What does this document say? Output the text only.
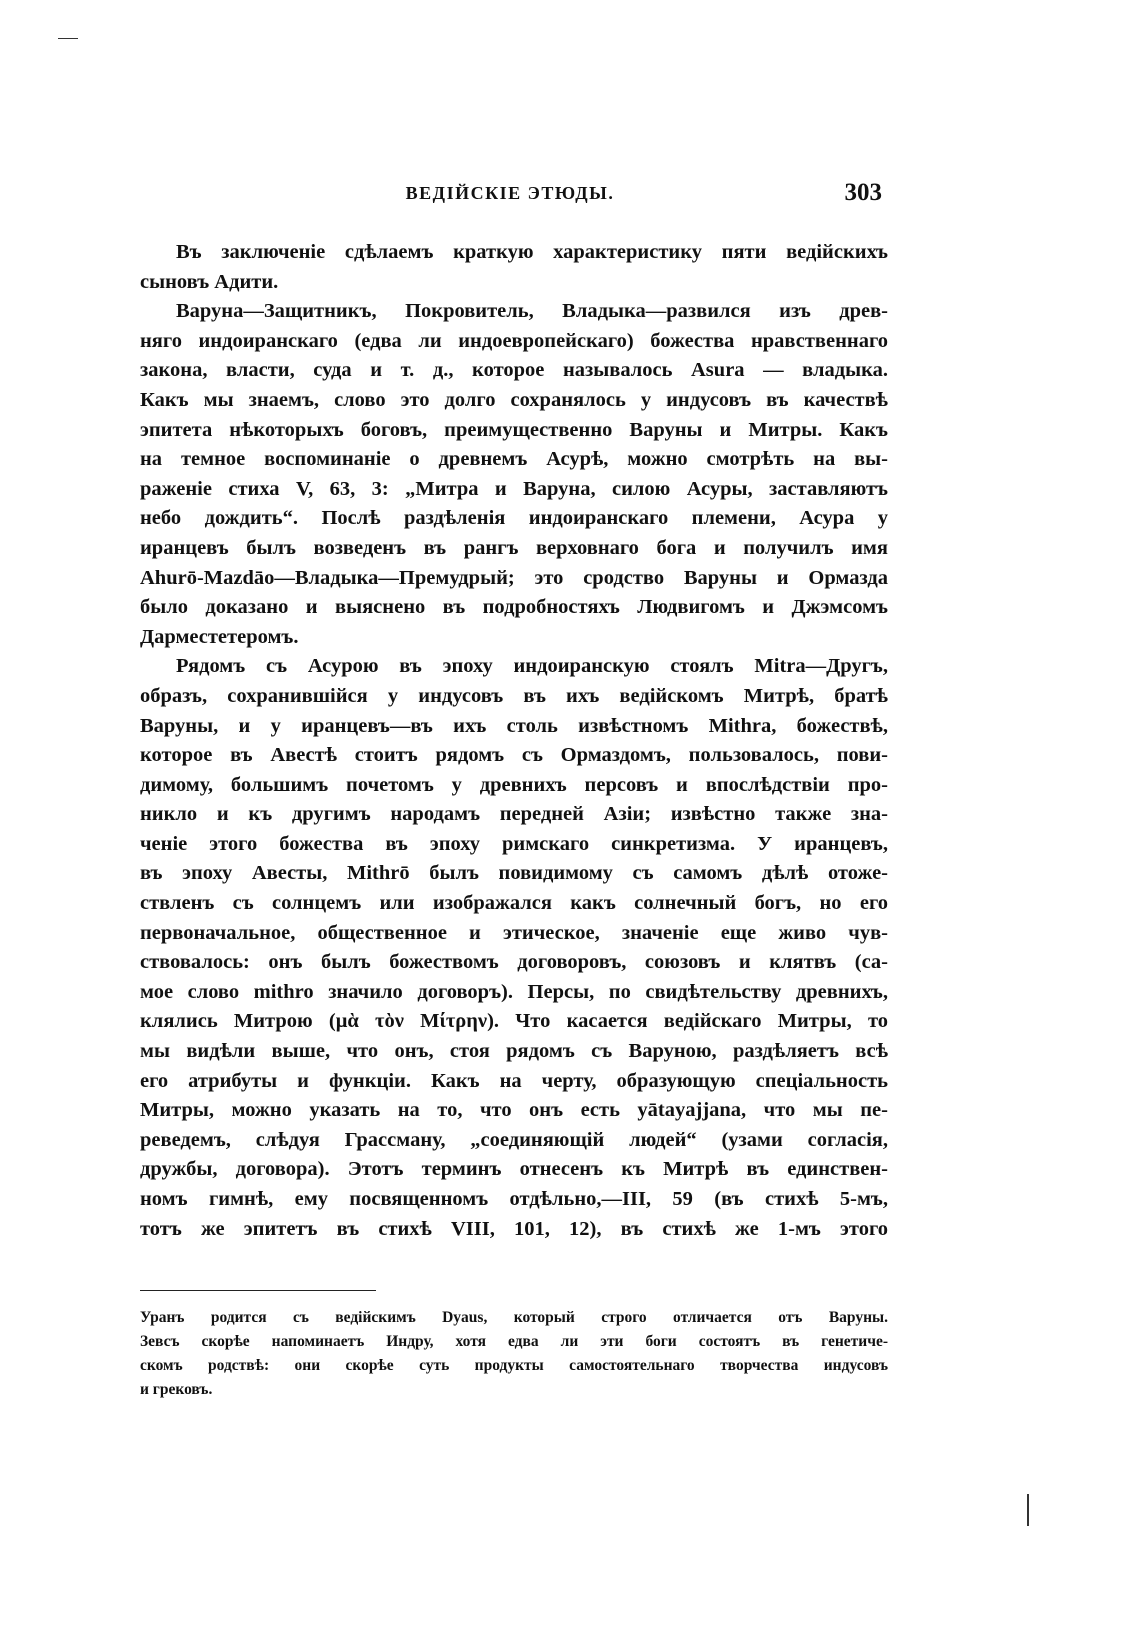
ВЕДІЙСКІЕ ЭТЮДЫ.	303
Въ заключеніе сдѣлаемъ краткую характеристику пяти ведійскихъ
сыновъ Адити.
Варуна—Защитникъ, Покровитель, Владыка—развился изъ древ-
няго индоиранскаго (едва ли индоевропейскаго) божества нравственнаго
закона, власти, суда и т. д., которое называлось Asura — владыка.
Какъ мы знаемъ, слово это долго сохранялось у индусовъ въ качествѣ
эпитета нѣкоторыхъ боговъ, преимущественно Варуны и Митры. Какъ
на темное воспоминаніе о древнемъ Асурѣ, можно смотрѣть на вы-
раженіе стиха V, 63, 3: „Митра и Варуна, силою Асуры, заставляютъ
небо дождить“. Послѣ раздѣленія индоиранскаго племени, Асура у
иранцевъ былъ возведенъ въ рангъ верховнаго бога и получилъ имя
Ahurō-Mazdāo—Владыка—Премудрый; это сродство Варуны и Ормазда
было доказано и выяснено въ подробностяхъ Людвигомъ и Джэмсомъ
Дарместетеромъ.
Рядомъ съ Асурою въ эпоху индоиранскую стоялъ Mitra—Другъ,
образъ, сохранившійся у индусовъ въ ихъ ведійскомъ Митрѣ, братѣ
Варуны, и у иранцевъ—въ ихъ столь извѣстномъ Mithra, божествѣ,
которое въ Авестѣ стоитъ рядомъ съ Ормаздомъ, пользовалось, пови-
димому, большимъ почетомъ у древнихъ персовъ и впослѣдствіи про-
никло и къ другимъ народамъ передней Азіи; извѣстно также зна-
ченіе этого божества въ эпоху римскаго синкретизма. У иранцевъ,
въ эпоху Авесты, Mithrō былъ повидимому съ самомъ дѣлѣ отоже-
ствленъ съ солнцемъ или изображался какъ солнечный богъ, но его
первоначальное, общественное и этическое, значеніе еще живо чув-
ствовалось: онъ былъ божествомъ договоровъ, союзовъ и клятвъ (са-
мое слово mithro значило договоръ). Персы, по свидѣтельству древнихъ,
клялись Митрою (μὰ τὸν Μίτρην). Что касается ведійскаго Митры, то
мы видѣли выше, что онъ, стоя рядомъ съ Варуною, раздѣляетъ всѣ
его атрибуты и функціи. Какъ на черту, образующую спеціальность
Митры, можно указать на то, что онъ есть yātayajjana, что мы пе-
реведемъ, слѣдуя Грассману, „соединяющій людей“ (узами согласія,
дружбы, договора). Этотъ терминъ отнесенъ къ Митрѣ въ единствен-
номъ гимнѣ, ему посвященномъ отдѣльно,—III, 59 (въ стихѣ 5-мъ,
тотъ же эпитетъ въ стихѣ VIII, 101, 12), въ стихѣ же 1-мъ этого
Уранъ родится съ ведійскимъ Dyaus, который строго отличается отъ Варуны.
Зевсъ скорѣе напоминаетъ Индру, хотя едва ли эти боги состоятъ въ генетиче-
скомъ родствѣ: они скорѣе суть продукты самостоятельнаго творчества индусовъ
и грековъ.
